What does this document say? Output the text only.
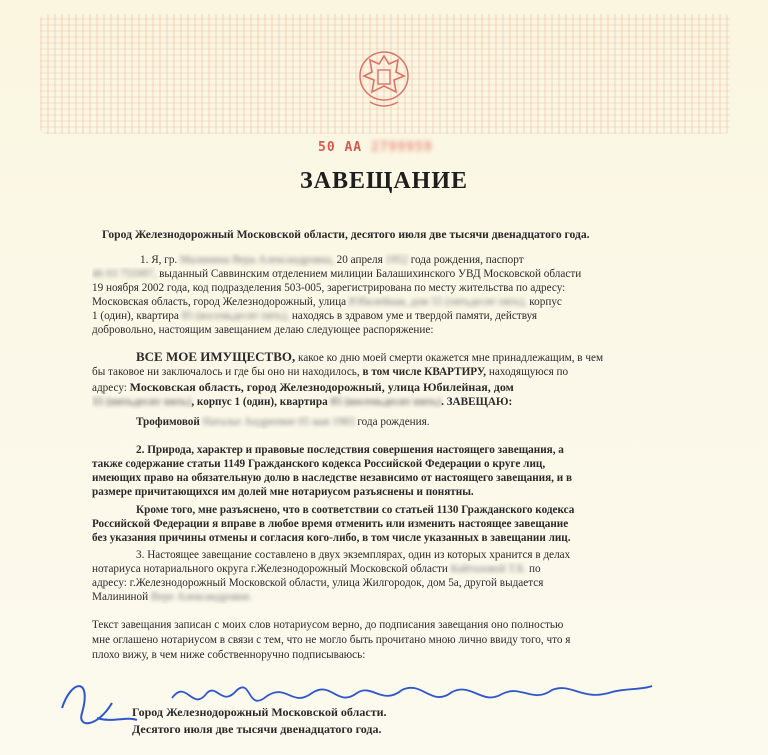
50 АА 2799959
ЗАВЕЩАНИЕ
Город Железнодорожный Московской области, десятого июля две тысячи двенадцатого года.
1. Я, гр. Малинина Вера Александровна, 20 апреля 1952 года рождения, паспорт
46 03 755997, выданный Саввинским отделением милиции Балашихинского УВД Московской области
19 ноября 2002 года, код подразделения 503-005, зарегистрирована по месту жительства по адресу:
Московская область, город Железнодорожный, улица Юбилейная, дом 55 (пятьдесят пять), корпус
1 (один), квартира 85 (восемьдесят пять), находясь в здравом уме и твердой памяти, действуя
добровольно, настоящим завещанием делаю следующее распоряжение:
ВСЕ МОЕ ИМУЩЕСТВО, какое ко дню моей смерти окажется мне принадлежащим, в чем
бы таковое ни заключалось и где бы оно ни находилось, в том числе КВАРТИРУ, находящуюся по
адресу: Московская область, город Железнодорожный, улица Юбилейная, дом
55 (пятьдесят пять), корпус 1 (один), квартира 85 (восемьдесят пять). ЗАВЕЩАЮ:
Трофимовой Наталье Андреевне 05 мая 1983 года рождения.
2. Природа, характер и правовые последствия совершения настоящего завещания, а
также содержание статьи 1149 Гражданского кодекса Российской Федерации о круге лиц,
имеющих право на обязательную долю в наследстве независимо от настоящего завещания, и в
размере причитающихся им долей мне нотариусом разъяснены и понятны.
Кроме того, мне разъяснено, что в соответствии со статьей 1130 Гражданского кодекса
Российской Федерации я вправе в любое время отменить или изменить настоящее завещание
без указания причины отмены и согласия кого-либо, в том числе указанных в завещании лиц.
3. Настоящее завещание составлено в двух экземплярах, один из которых хранится в делах
нотариуса нотариального округа г.Железнодорожный Московской области Кайтазовой Т.Б. по
адресу: г.Железнодорожный Московской области, улица Жилгородок, дом 5а, другой выдается
Малининой Вере Александровне.
Текст завещания записан с моих слов нотариусом верно, до подписания завещания оно полностью
мне оглашено нотариусом в связи с тем, что не могло быть прочитано мною лично ввиду того, что я
плохо вижу, в чем ниже собственноручно подписываюсь:
Город Железнодорожный Московской области.
Десятого июля две тысячи двенадцатого года.
